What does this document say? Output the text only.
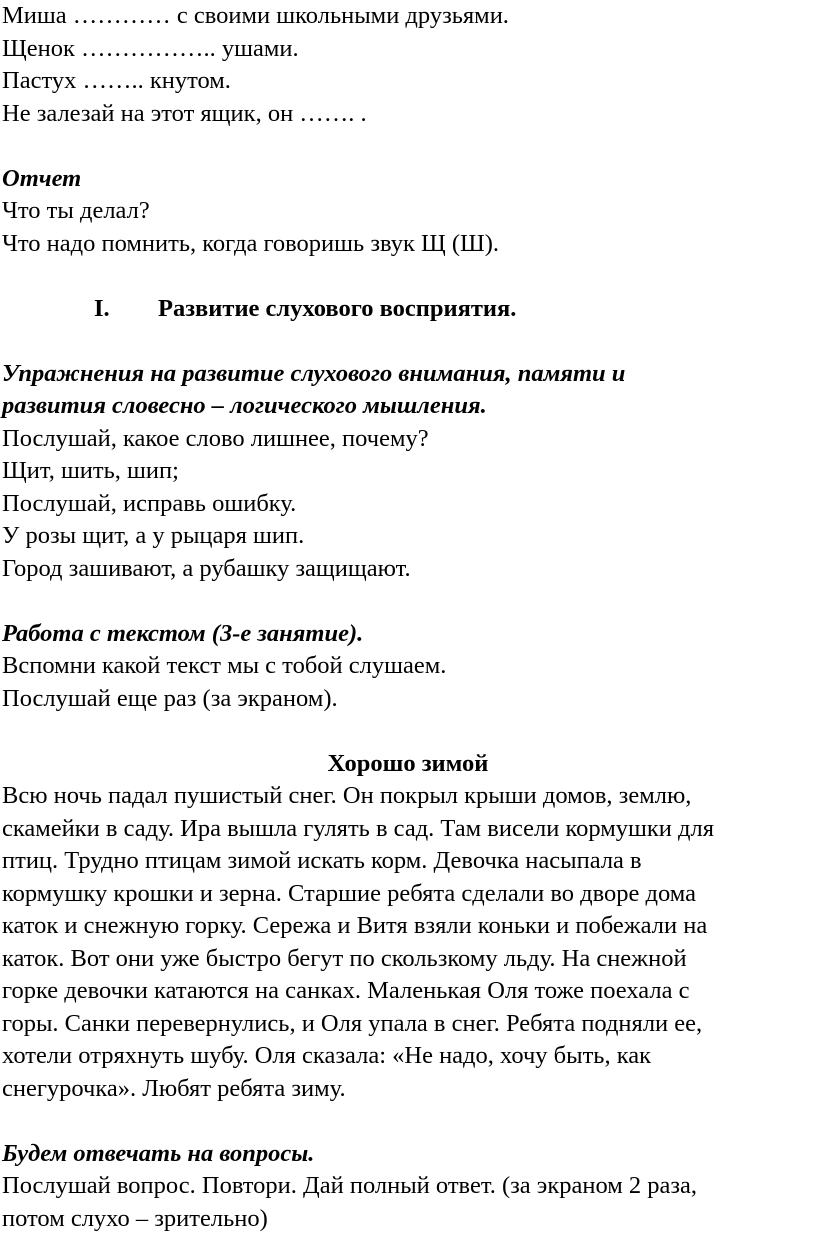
Миша ………… с своими школьными друзьями.
Щенок …………….. ушами.
Пастух …….. кнутом.
Не залезай на этот ящик, он ……. .
Отчет
Что ты делал?
Что надо помнить, когда говоришь звук Щ (Ш).
I.	Развитие слухового восприятия.
Упражнения на развитие слухового внимания, памяти и
развития словесно – логического мышления.
Послушай, какое слово лишнее, почему?
Щит, шить, шип;
Послушай, исправь ошибку.
У розы щит, а у рыцаря шип.
Город зашивают, а рубашку защищают.
Работа с текстом (3-е занятие).
Вспомни какой текст мы с тобой слушаем.
Послушай еще раз (за экраном).
Хорошо зимой
Всю ночь падал пушистый снег. Он покрыл крыши домов, землю,
скамейки в саду. Ира вышла гулять в сад. Там висели кормушки для
птиц. Трудно птицам зимой искать корм. Девочка насыпала в
кормушку крошки и зерна. Старшие ребята сделали во дворе дома
каток и снежную горку. Сережа и Витя взяли коньки и побежали на
каток. Вот они уже быстро бегут по скользкому льду. На снежной
горке девочки катаются на санках. Маленькая Оля тоже поехала с
горы. Санки перевернулись, и Оля упала в снег. Ребята подняли ее,
хотели отряхнуть шубу. Оля сказала: «Не надо, хочу быть, как
снегурочка». Любят ребята зиму.
Будем отвечать на вопросы.
Послушай вопрос. Повтори. Дай полный ответ. (за экраном 2 раза,
потом слухо – зрительно)
